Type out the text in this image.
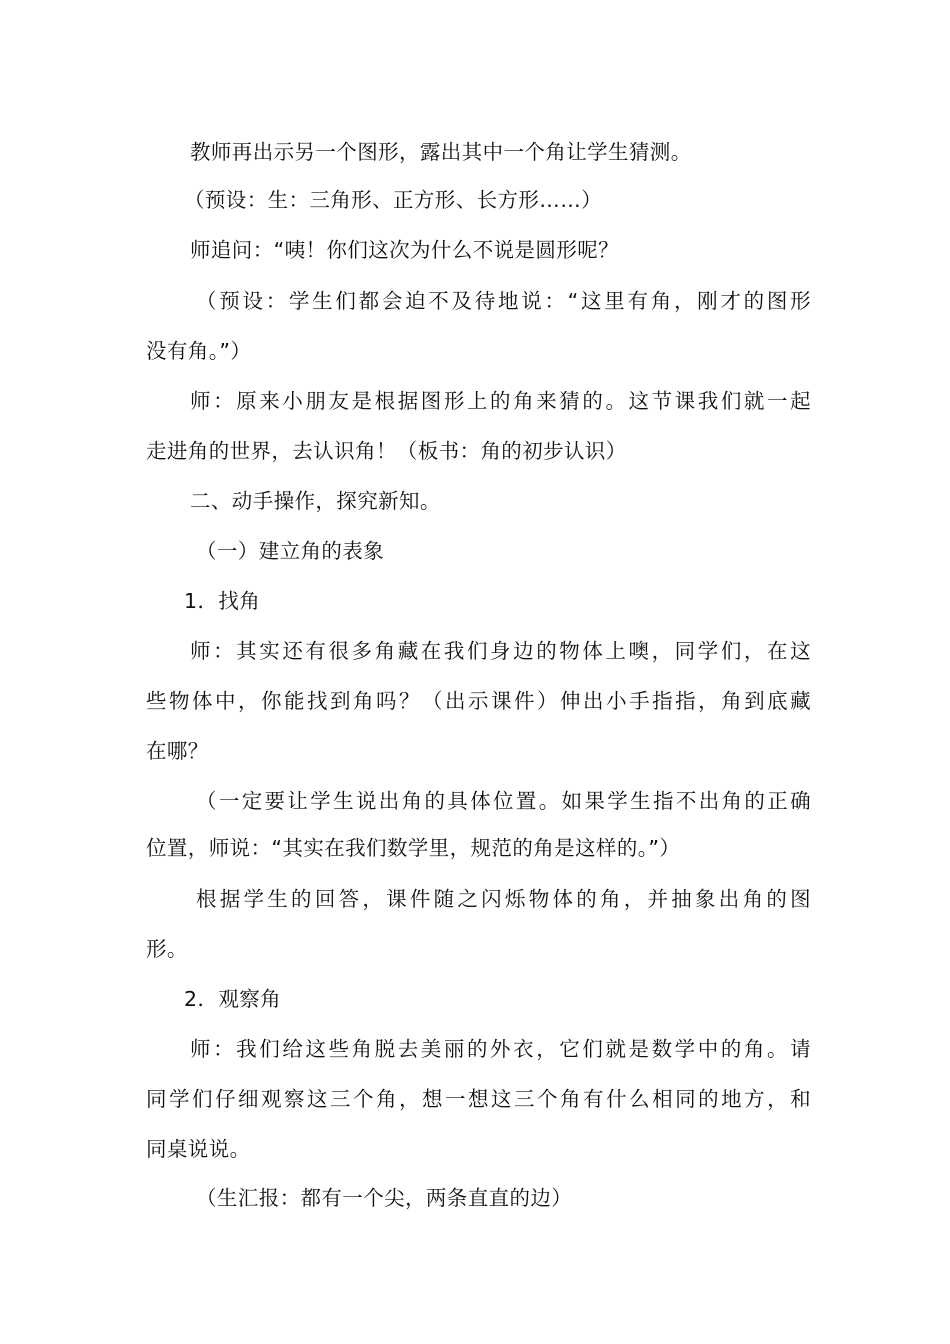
教师再出示另一个图形，露出其中一个角让学生猜测。
（预设：生：三角形、正方形、长方形……）
师追问：“咦！你们这次为什么不说是圆形呢？
（预设：学生们都会迫不及待地说：“这里有角，刚才的图形
没有角。”）
师：原来小朋友是根据图形上的角来猜的。这节课我们就一起
走进角的世界，去认识角！（板书：角的初步认识）
二、动手操作，探究新知。
（一）建立角的表象
1．找角
师：其实还有很多角藏在我们身边的物体上噢，同学们，在这
些物体中，你能找到角吗？（出示课件）伸出小手指指，角到底藏
在哪？
（一定要让学生说出角的具体位置。如果学生指不出角的正确
位置，师说：“其实在我们数学里，规范的角是这样的。”）
根据学生的回答，课件随之闪烁物体的角，并抽象出角的图
形。
2．观察角
师：我们给这些角脱去美丽的外衣，它们就是数学中的角。请
同学们仔细观察这三个角，想一想这三个角有什么相同的地方，和
同桌说说。
（生汇报：都有一个尖，两条直直的边）
